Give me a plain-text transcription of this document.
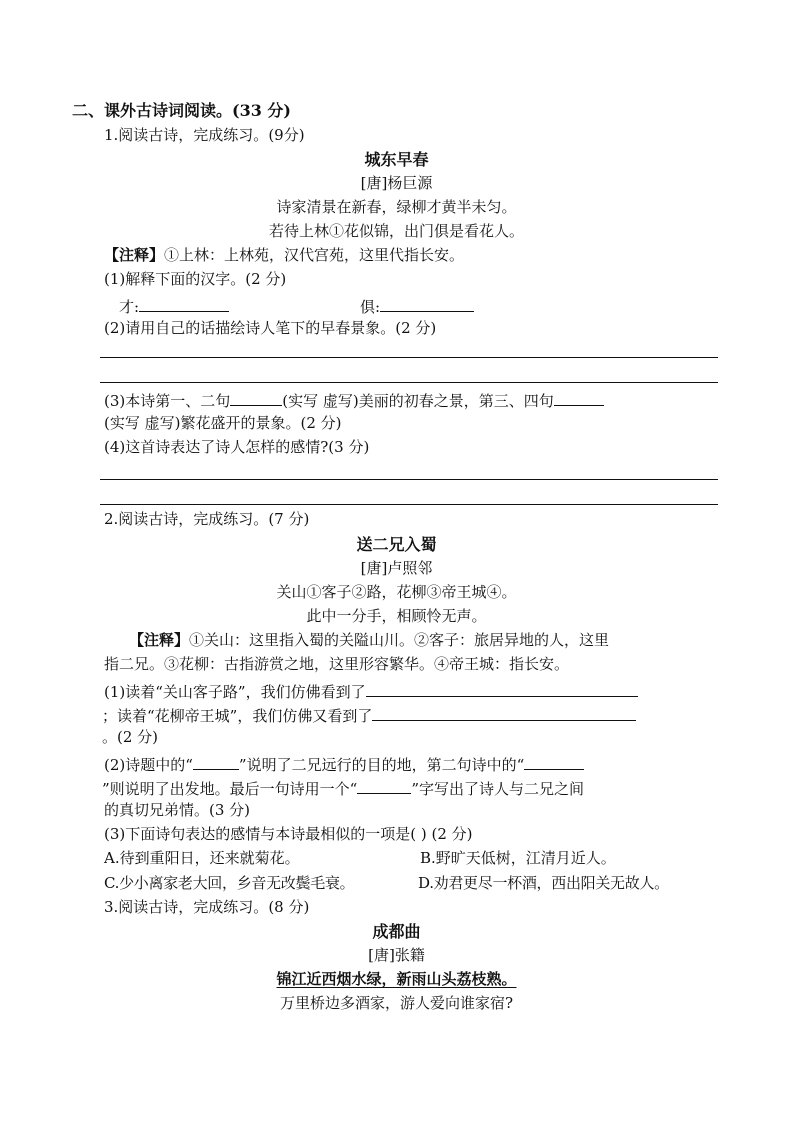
二、课外古诗词阅读。(33 分)
1.阅读古诗，完成练习。(9分)
城东早春
[唐]杨巨源
诗家清景在新春，绿柳才黄半未匀。
若待上林①花似锦，出门俱是看花人。
【注释】①上林：上林苑，汉代宫苑，这里代指长安。
(1)解释下面的汉字。(2 分)
才:	俱:
(2)请用自己的话描绘诗人笔下的早春景象。(2 分)
(3)本诗第一、二句	(实写 虚写)美丽的初春之景，第三、四句
(实写 虚写)繁花盛开的景象。(2 分)
(4)这首诗表达了诗人怎样的感情?(3 分)
2.阅读古诗，完成练习。(7 分)
送二兄入蜀
[唐]卢照邻
关山①客子②路，花柳③帝王城④。
此中一分手，相顾怜无声。
【注释】①关山：这里指入蜀的关隘山川。②客子：旅居异地的人，这里
指二兄。③花柳：古指游赏之地，这里形容繁华。④帝王城：指长安。
(1)读着“关山客子路”，我们仿佛看到了
；读着“花柳帝王城”，我们仿佛又看到了
。(2 分)
(2)诗题中的“	”说明了二兄远行的目的地，第二句诗中的“
”则说明了出发地。最后一句诗用一个“	”字写出了诗人与二兄之间
的真切兄弟情。(3 分)
(3)下面诗句表达的感情与本诗最相似的一项是( ) (2 分)
A.待到重阳日，还来就菊花。	B.野旷天低树，江清月近人。
C.少小离家老大回，乡音无改鬓毛衰。	D.劝君更尽一杯酒，西出阳关无故人。
3.阅读古诗，完成练习。(8 分)
成都曲
[唐]张籍
锦江近西烟水绿，新雨山头荔枝熟。
万里桥边多酒家，游人爱向谁家宿?
